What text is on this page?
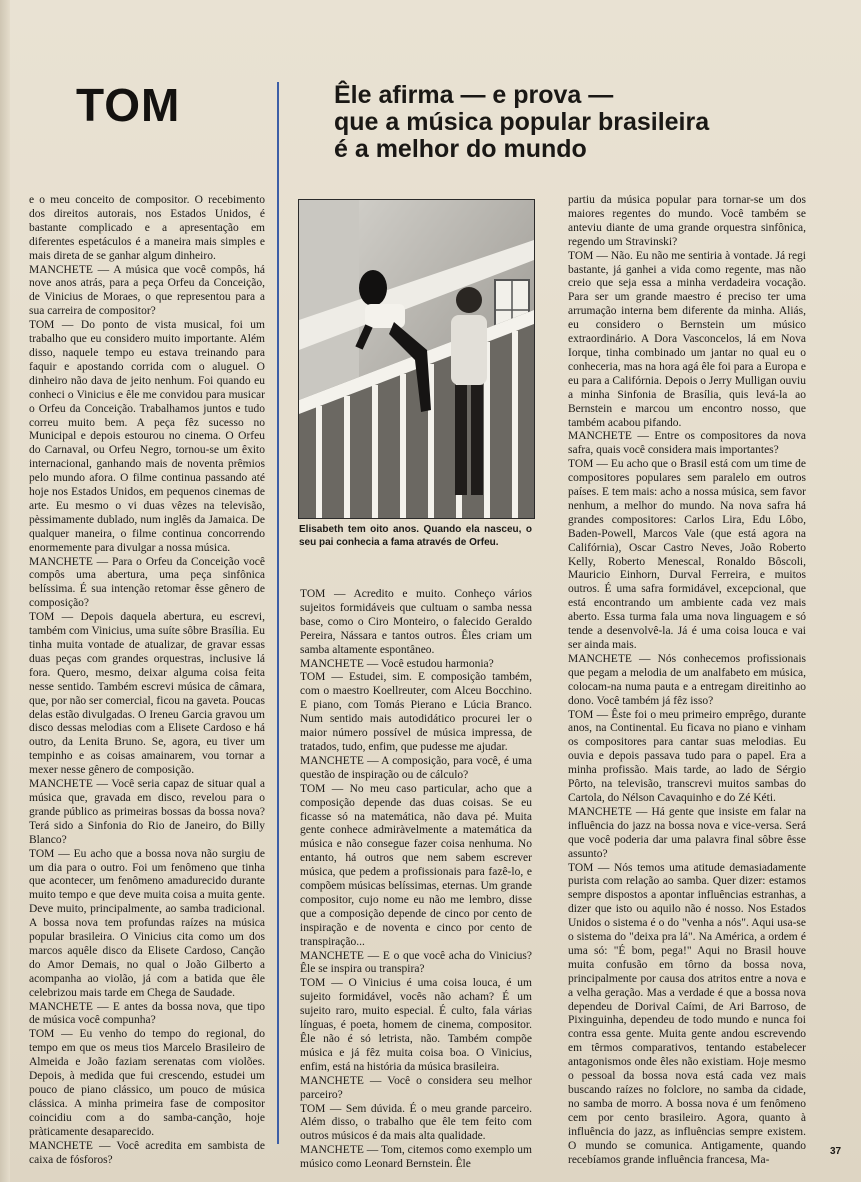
TOM	Êle afirma — e prova —
que a música popular brasileira
é a melhor do mundo

e o meu conceito de compositor. O recebimento dos direitos autorais, nos Estados Unidos, é bastante complicado e a apresentação em diferentes espetáculos é a maneira mais simples e mais direta de se ganhar algum dinheiro.

MANCHETE — A música que você compôs, há nove anos atrás, para a peça Orfeu da Conceição, de Vinicius de Moraes, o que representou para a sua carreira de compositor?

TOM — Do ponto de vista musical, foi um trabalho que eu considero muito importante. Além disso, naquele tempo eu estava treinando para faquir e apostando corrida com o aluguel. O dinheiro não dava de jeito nenhum. Foi quando eu conheci o Vinicius e êle me convidou para musicar o Orfeu da Conceição. Trabalhamos juntos e tudo correu muito bem. A peça fêz sucesso no Municipal e depois estourou no cinema. O Orfeu do Carnaval, ou Orfeu Negro, tornou-se um êxito internacional, ganhando mais de noventa prêmios pelo mundo afora. O filme continua passando até hoje nos Estados Unidos, em pequenos cinemas de arte. Eu mesmo o vi duas vêzes na televisão, pèssimamente dublado, num inglês da Jamaica. De qualquer maneira, o filme continua concorrendo enormemente para divulgar a nossa música.

MANCHETE — Para o Orfeu da Conceição você compôs uma abertura, uma peça sinfônica belíssima. É sua intenção retomar êsse gênero de composição?

TOM — Depois daquela abertura, eu escrevi, também com Vinicius, uma suíte sôbre Brasília. Eu tinha muita vontade de atualizar, de gravar essas duas peças com grandes orquestras, inclusive lá fora. Quero, mesmo, deixar alguma coisa feita nesse sentido. Também escrevi música de câmara, que, por não ser comercial, ficou na gaveta. Poucas delas estão divulgadas. O Ireneu Garcia gravou um disco dessas melodias com a Elisete Cardoso e há outro, da Lenita Bruno. Se, agora, eu tiver um tempinho e as coisas amainarem, vou tornar a mexer nesse gênero de composição.

MANCHETE — Você seria capaz de situar qual a música que, gravada em disco, revelou para o grande público as primeiras bossas da bossa nova? Terá sido a Sinfonia do Rio de Janeiro, do Billy Blanco?

TOM — Eu acho que a bossa nova não surgiu de um dia para o outro. Foi um fenômeno que tinha que acontecer, um fenômeno amadurecido durante muito tempo e que deve muita coisa a muita gente. Deve muito, principalmente, ao samba tradicional. A bossa nova tem profundas raízes na música popular brasileira. O Vinicius cita como um dos marcos aquêle disco da Elisete Cardoso, Canção do Amor Demais, no qual o João Gilberto a acompanha ao violão, já com a batida que êle celebrizou mais tarde em Chega de Saudade.

MANCHETE — E antes da bossa nova, que tipo de música você compunha?

TOM — Eu venho do tempo do regional, do tempo em que os meus tios Marcelo Brasileiro de Almeida e João faziam serenatas com violões. Depois, à medida que fui crescendo, estudei um pouco de piano clássico, um pouco de música clássica. A minha primeira fase de compositor coincidiu com a do samba-canção, hoje pràticamente desaparecido.

MANCHETE — Você acredita em sambista de caixa de fósforos?

Elisabeth tem oito anos. Quando ela nasceu, o seu pai conhecia a fama através de Orfeu.

TOM — Acredito e muito. Conheço vários sujeitos formidáveis que cultuam o samba nessa base, como o Ciro Monteiro, o falecido Geraldo Pereira, Nássara e tantos outros. Êles criam um samba altamente espontâneo.

MANCHETE — Você estudou harmonia?

TOM — Estudei, sim. E composição também, com o maestro Koellreuter, com Alceu Bocchino. E piano, com Tomás Pierano e Lúcia Branco. Num sentido mais autodidático procurei ler o maior número possível de música impressa, de tratados, tudo, enfim, que pudesse me ajudar.

MANCHETE — A composição, para você, é uma questão de inspiração ou de cálculo?

TOM — No meu caso particular, acho que a composição depende das duas coisas. Se eu ficasse só na matemática, não dava pé. Muita gente conhece admiràvelmente a matemática da música e não consegue fazer coisa nenhuma. No entanto, há outros que nem sabem escrever música, que pedem a profissionais para fazê-lo, e compõem músicas belíssimas, eternas. Um grande compositor, cujo nome eu não me lembro, disse que a composição depende de cinco por cento de inspiração e de noventa e cinco por cento de transpiração...

MANCHETE — E o que você acha do Vinicius? Êle se inspira ou transpira?

TOM — O Vinicius é uma coisa louca, é um sujeito formidável, vocês não acham? É um sujeito raro, muito especial. É culto, fala várias línguas, é poeta, homem de cinema, compositor. Êle não é só letrista, não. Também compõe música e já fêz muita coisa boa. O Vinicius, enfim, está na história da música brasileira.

MANCHETE — Você o considera seu melhor parceiro?

TOM — Sem dúvida. É o meu grande parceiro. Além disso, o trabalho que êle tem feito com outros músicos é da mais alta qualidade.

MANCHETE — Tom, citemos como exemplo um músico como Leonard Bernstein. Êle

partiu da música popular para tornar-se um dos maiores regentes do mundo. Você também se anteviu diante de uma grande orquestra sinfônica, regendo um Stravinski?

TOM — Não. Eu não me sentiria à vontade. Já regi bastante, já ganhei a vida como regente, mas não creio que seja essa a minha verdadeira vocação. Para ser um grande maestro é preciso ter uma arrumação interna bem diferente da minha. Aliás, eu considero o Bernstein um músico extraordinário. A Dora Vasconcelos, lá em Nova Iorque, tinha combinado um jantar no qual eu o conheceria, mas na hora agá êle foi para a Europa e eu para a Califórnia. Depois o Jerry Mulligan ouviu a minha Sinfonia de Brasília, quis levá-la ao Bernstein e marcou um encontro nosso, que também acabou pifando.

MANCHETE — Entre os compositores da nova safra, quais você considera mais importantes?

TOM — Eu acho que o Brasil está com um time de compositores populares sem paralelo em outros países. E tem mais: acho a nossa música, sem favor nenhum, a melhor do mundo. Na nova safra há grandes compositores: Carlos Lira, Edu Lôbo, Baden-Powell, Marcos Vale (que está agora na Califórnia), Oscar Castro Neves, João Roberto Kelly, Roberto Menescal, Ronaldo Bôscoli, Mauricio Einhorn, Durval Ferreira, e muitos outros. É uma safra formidável, excepcional, que está encontrando um ambiente cada vez mais aberto. Essa turma fala uma nova linguagem e só tende a desenvolvê-la. Já é uma coisa louca e vai ser ainda mais.

MANCHETE — Nós conhecemos profissionais que pegam a melodia de um analfabeto em música, colocam-na numa pauta e a entregam direitinho ao dono. Você também já fêz isso?

TOM — Êste foi o meu primeiro emprêgo, durante anos, na Continental. Eu ficava no piano e vinham os compositores para cantar suas melodias. Eu ouvia e depois passava tudo para o papel. Era a minha profissão. Mais tarde, ao lado de Sérgio Pôrto, na televisão, transcrevi muitos sambas do Cartola, do Nélson Cavaquinho e do Zé Kéti.

MANCHETE — Há gente que insiste em falar na influência do jazz na bossa nova e vice-versa. Será que você poderia dar uma palavra final sôbre êsse assunto?

TOM — Nós temos uma atitude demasiadamente purista com relação ao samba. Quer dizer: estamos sempre dispostos a apontar influências estranhas, a dizer que isto ou aquilo não é nosso. Nos Estados Unidos o sistema é o do "venha a nós". Aqui usa-se o sistema do "deixa pra lá". Na América, a ordem é uma só: "É bom, pega!" Aqui no Brasil houve muita confusão em tôrno da bossa nova, principalmente por causa dos atritos entre a nova e a velha geração. Mas a verdade é que a bossa nova dependeu de Dorival Caími, de Ari Barroso, de Pixinguinha, dependeu de todo mundo e nunca foi contra essa gente. Muita gente andou escrevendo em têrmos comparativos, tentando estabelecer antagonismos onde êles não existiam. Hoje mesmo o pessoal da bossa nova está cada vez mais buscando raízes no folclore, no samba da cidade, no samba de morro. A bossa nova é um fenômeno cem por cento brasileiro. Agora, quanto à influência do jazz, as influências sempre existem. O mundo se comunica. Antigamente, quando recebíamos grande influência francesa, Ma-

37
